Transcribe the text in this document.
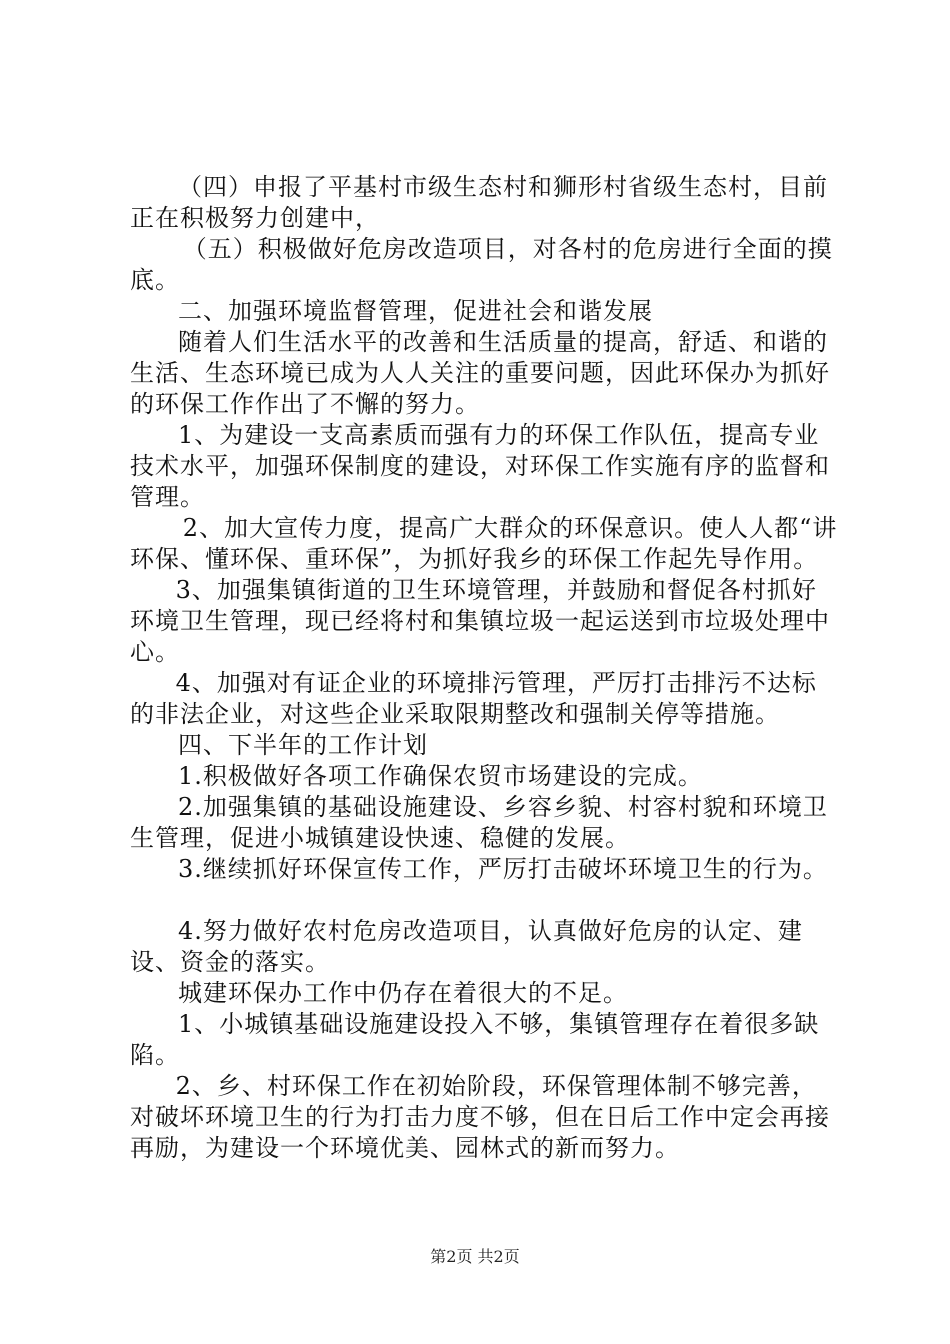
（四）申报了平基村市级生态村和狮形村省级生态村，目前正在积极努力创建中，

（五）积极做好危房改造项目，对各村的危房进行全面的摸底。

二、加强环境监督管理，促进社会和谐发展

随着人们生活水平的改善和生活质量的提高，舒适、和谐的生活、生态环境已成为人人关注的重要问题，因此环保办为抓好的环保工作作出了不懈的努力。

1、为建设一支高素质而强有力的环保工作队伍，提高专业技术水平，加强环保制度的建设，对环保工作实施有序的监督和管理。

2、加大宣传力度，提高广大群众的环保意识。使人人都“讲环保、懂环保、重环保”，为抓好我乡的环保工作起先导作用。

3、加强集镇街道的卫生环境管理，并鼓励和督促各村抓好环境卫生管理，现已经将村和集镇垃圾一起运送到市垃圾处理中心。

4、加强对有证企业的环境排污管理，严厉打击排污不达标的非法企业，对这些企业采取限期整改和强制关停等措施。

四、下半年的工作计划

1.积极做好各项工作确保农贸市场建设的完成。

2.加强集镇的基础设施建设、乡容乡貌、村容村貌和环境卫生管理，促进小城镇建设快速、稳健的发展。

3.继续抓好环保宣传工作，严厉打击破坏环境卫生的行为。

4.努力做好农村危房改造项目，认真做好危房的认定、建设、资金的落实。

城建环保办工作中仍存在着很大的不足。

1、小城镇基础设施建设投入不够，集镇管理存在着很多缺陷。

2、乡、村环保工作在初始阶段，环保管理体制不够完善，对破坏环境卫生的行为打击力度不够，但在日后工作中定会再接再励，为建设一个环境优美、园林式的新而努力。

第2页 共2页
